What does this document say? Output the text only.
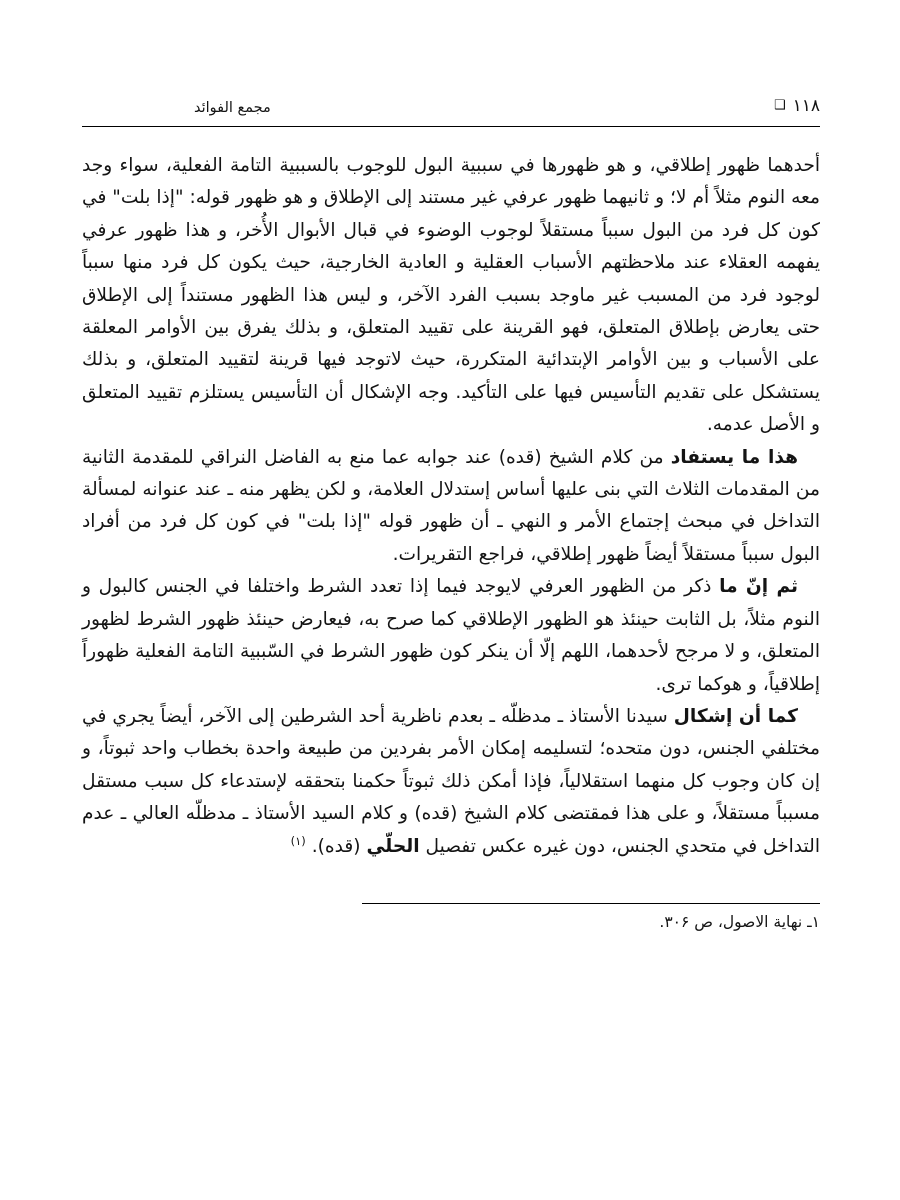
١١٨
❑
مجمع الفوائد

أحدهما ظهور إطلاقي، و هو ظهورها في سببية البول للوجوب بالسببية التامة الفعلية، سواء وجد معه النوم مثلاً أم لا؛ و ثانيهما ظهور عرفي غير مستند إلى الإطلاق و هو ظهور قوله: "إذا بلت" في كون كل فرد من البول سبباً مستقلاً لوجوب الوضوء في قبال الأبوال الأُخر، و هذا ظهور عرفي يفهمه العقلاء عند ملاحظتهم الأسباب العقلية و العادية الخارجية، حيث يكون كل فرد منها سبباً لوجود فرد من المسبب غير ماوجد بسبب الفرد الآخر، و ليس هذا الظهور مستنداً إلى الإطلاق حتى يعارض بإطلاق المتعلق، فهو القرينة على تقييد المتعلق، و بذلك يفرق بين الأوامر المعلقة على الأسباب و بين الأوامر الإبتدائية المتكررة، حيث لاتوجد فيها قرينة لتقييد المتعلق، و بذلك يستشكل على تقديم التأسيس فيها على التأكيد. وجه الإشكال أن التأسيس يستلزم تقييد المتعلق و الأصل عدمه.

هذا ما يستفاد من كلام الشيخ (قده) عند جوابه عما منع به الفاضل النراقي للمقدمة الثانية من المقدمات الثلاث التي بنى عليها أساس إستدلال العلامة، و لكن يظهر منه ـ عند عنوانه لمسألة التداخل في مبحث إجتماع الأمر و النهي ـ أن ظهور قوله "إذا بلت" في كون كل فرد من أفراد البول سبباً مستقلاً أيضاً ظهور إطلاقي، فراجع التقريرات.

ثم إنّ ما ذكر من الظهور العرفي لايوجد فيما إذا تعدد الشرط واختلفا في الجنس كالبول و النوم مثلاً، بل الثابت حينئذ هو الظهور الإطلاقي كما صرح به، فيعارض حينئذ ظهور الشرط لظهور المتعلق، و لا مرجح لأحدهما، اللهم إلّا أن ينكر كون ظهور الشرط في السّببية التامة الفعلية ظهوراً إطلاقياً، و هوكما ترى.

كما أن إشكال سيدنا الأستاذ ـ مدظلّه ـ بعدم ناظرية أحد الشرطين إلى الآخر، أيضاً يجري في مختلفي الجنس، دون متحده؛ لتسليمه إمكان الأمر بفردين من طبيعة واحدة بخطاب واحد ثبوتاً، و إن كان وجوب كل منهما استقلالياً، فإذا أمكن ذلك ثبوتاً حكمنا بتحققه لإستدعاء كل سبب مستقل مسبباً مستقلاً، و على هذا فمقتضى كلام الشيخ (قده) و كلام السيد الأستاذ ـ مدظلّه العالي ـ عدم التداخل في متحدي الجنس، دون غيره عكس تفصيل الحلّي (قده). $^{(١)}$

١ـ نهاية الاصول، ص ٣٠۶.
